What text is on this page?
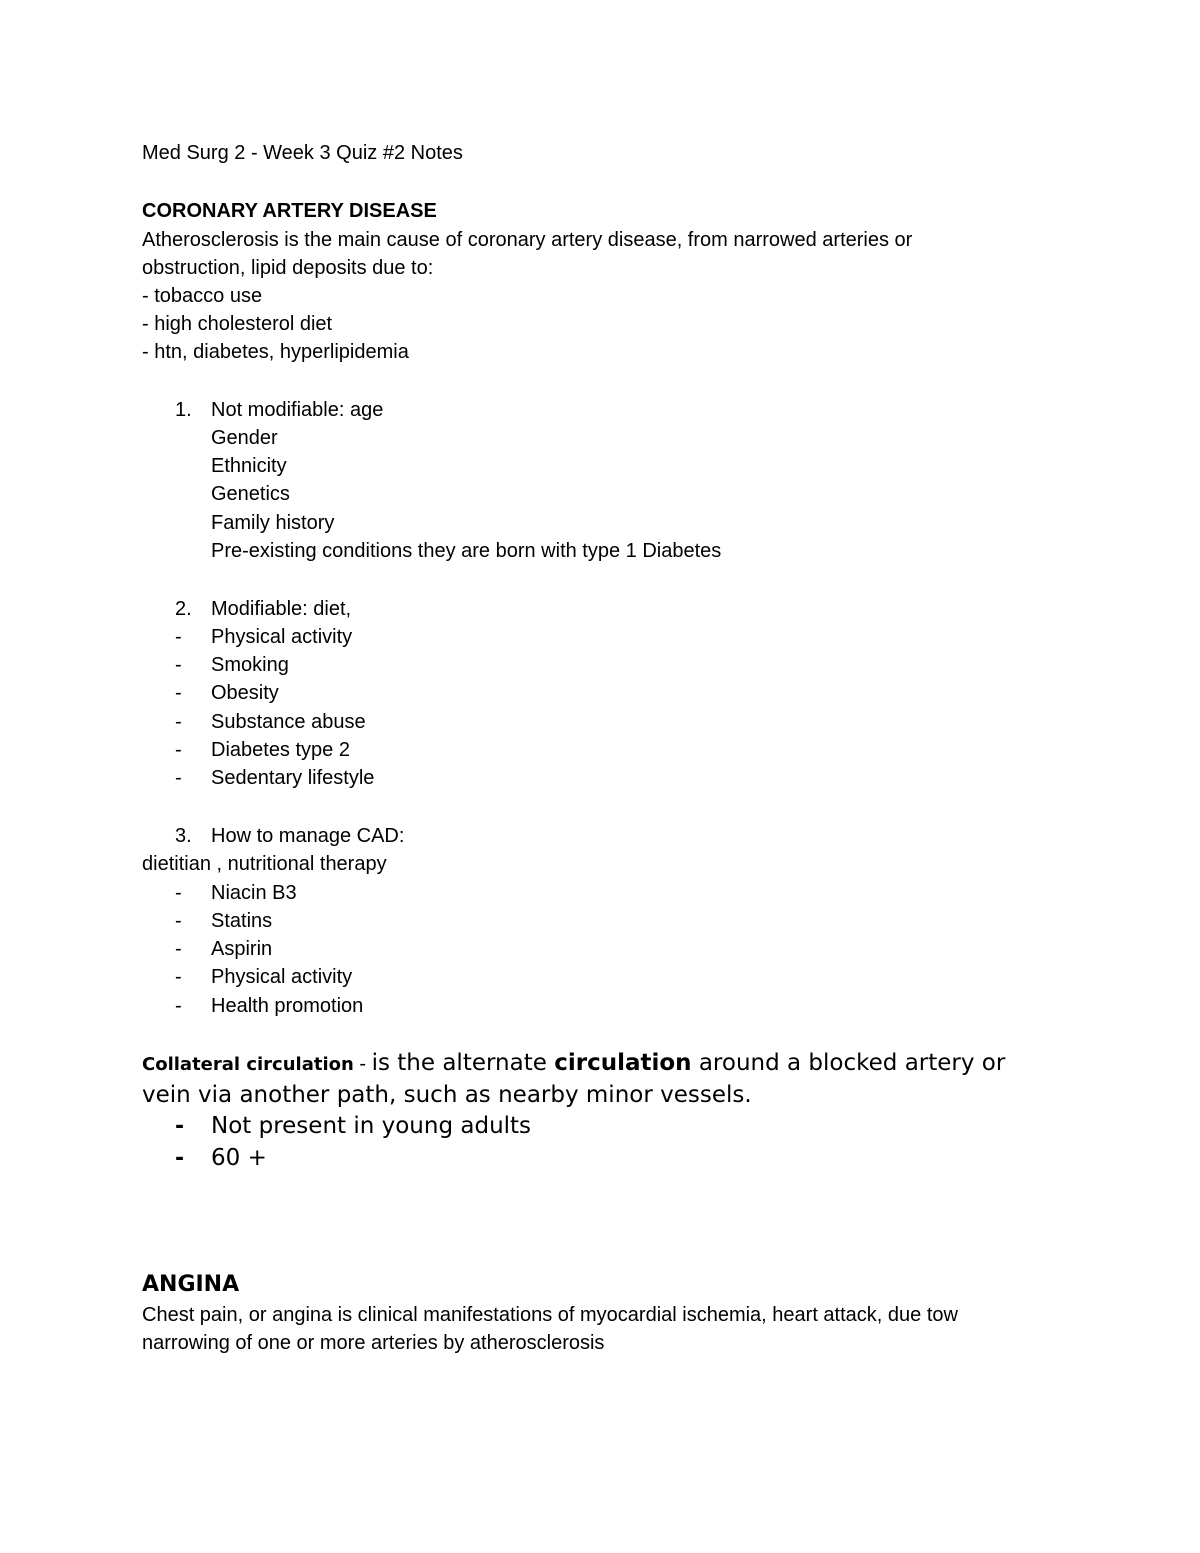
Med Surg 2 - Week 3 Quiz #2 Notes
CORONARY ARTERY DISEASE
Atherosclerosis is the main cause of coronary artery disease, from narrowed arteries or
obstruction, lipid deposits due to:
- tobacco use
- high cholesterol diet
- htn, diabetes, hyperlipidemia
1. Not modifiable: age
Gender
Ethnicity
Genetics
Family history
Pre-existing conditions they are born with type 1 Diabetes
2. Modifiable: diet,
- Physical activity
- Smoking
- Obesity
- Substance abuse
- Diabetes type 2
- Sedentary lifestyle
3. How to manage CAD:
dietitian , nutritional therapy
- Niacin B3
- Statins
- Aspirin
- Physical activity
- Health promotion
Collateral circulation - is the alternate circulation around a blocked artery or
vein via another path, such as nearby minor vessels.
- Not present in young adults
- 60 +
ANGINA
Chest pain, or angina is clinical manifestations of myocardial ischemia, heart attack, due tow
narrowing of one or more arteries by atherosclerosis
